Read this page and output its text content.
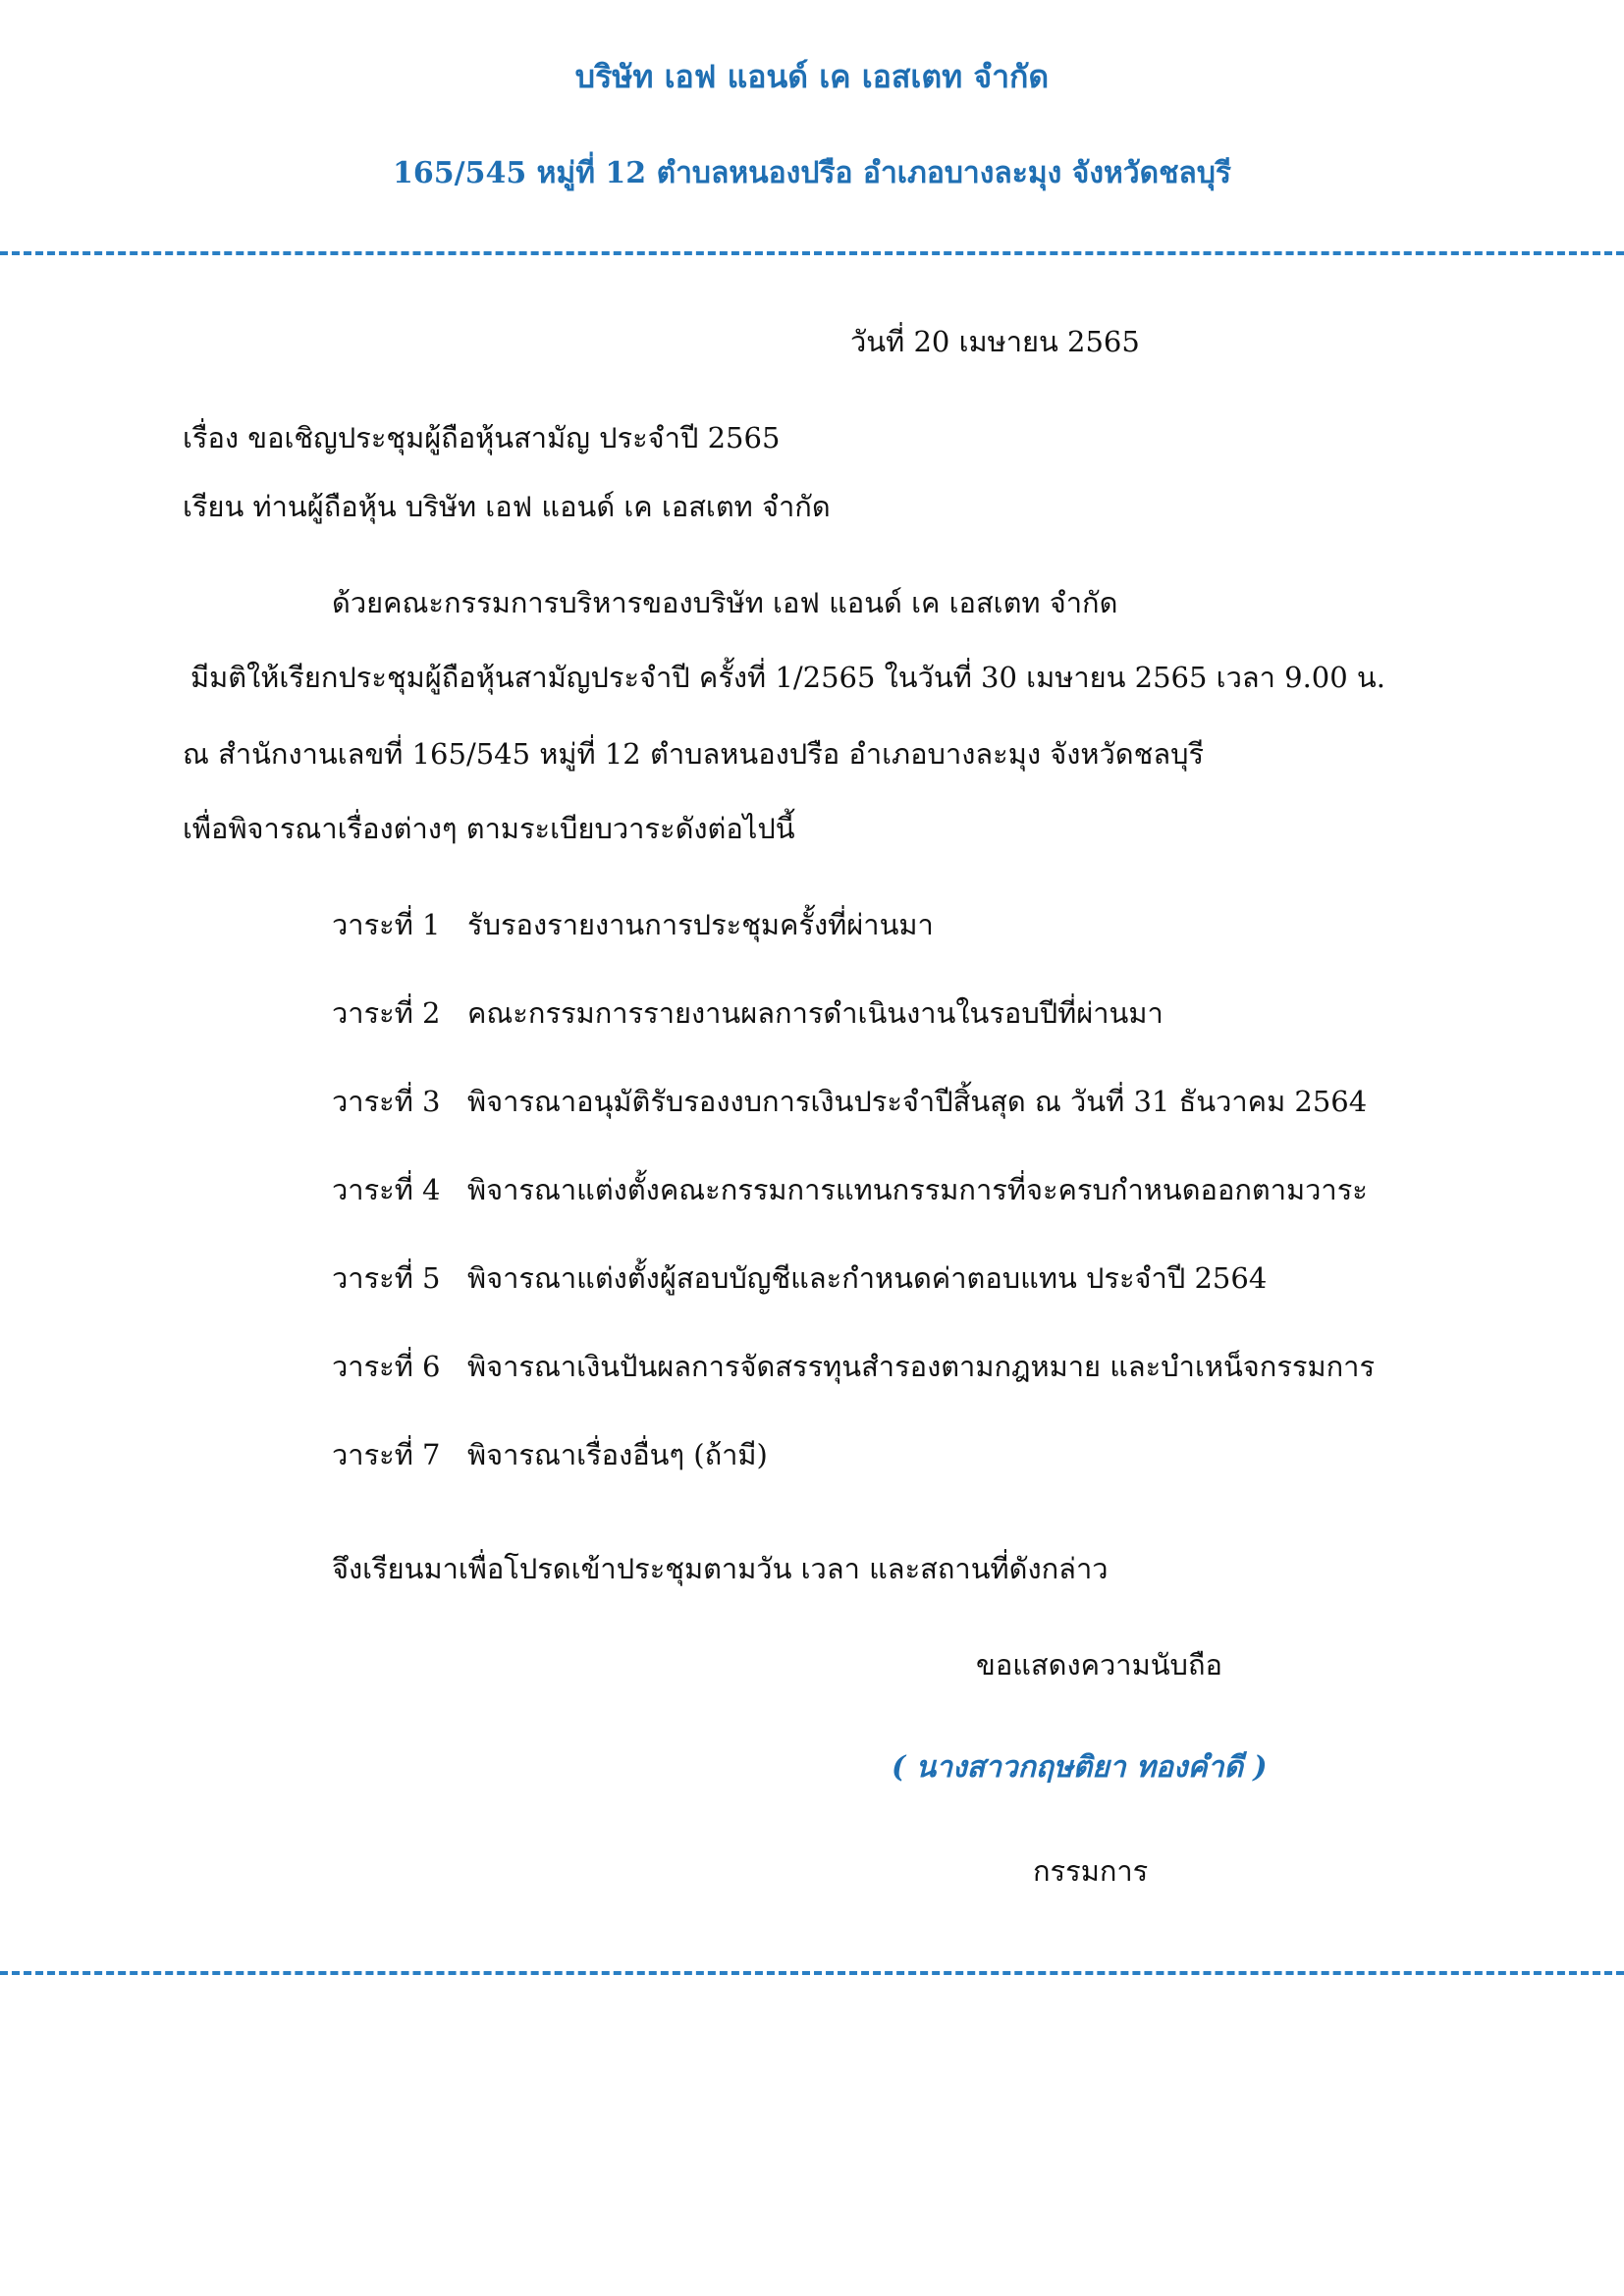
บริษัท เอฟ แอนด์ เค เอสเตท จำกัด
165/545 หมู่ที่ 12 ตำบลหนองปรือ อำเภอบางละมุง จังหวัดชลบุรี
วันที่ 20 เมษายน 2565
เรื่อง ขอเชิญประชุมผู้ถือหุ้นสามัญ ประจำปี 2565
เรียน ท่านผู้ถือหุ้น บริษัท เอฟ แอนด์ เค เอสเตท จำกัด
ด้วยคณะกรรมการบริหารของบริษัท เอฟ แอนด์ เค เอสเตท จำกัด
มีมติให้เรียกประชุมผู้ถือหุ้นสามัญประจำปี ครั้งที่ 1/2565 ในวันที่ 30 เมษายน 2565 เวลา 9.00 น.
ณ สำนักงานเลขที่ 165/545 หมู่ที่ 12 ตำบลหนองปรือ อำเภอบางละมุง จังหวัดชลบุรี
เพื่อพิจารณาเรื่องต่างๆ ตามระเบียบวาระดังต่อไปนี้
วาระที่ 1 รับรองรายงานการประชุมครั้งที่ผ่านมา
วาระที่ 2 คณะกรรมการรายงานผลการดำเนินงานในรอบปีที่ผ่านมา
วาระที่ 3 พิจารณาอนุมัติรับรองงบการเงินประจำปีสิ้นสุด ณ วันที่ 31 ธันวาคม 2564
วาระที่ 4 พิจารณาแต่งตั้งคณะกรรมการแทนกรรมการที่จะครบกำหนดออกตามวาระ
วาระที่ 5 พิจารณาแต่งตั้งผู้สอบบัญชีและกำหนดค่าตอบแทน ประจำปี 2564
วาระที่ 6 พิจารณาเงินปันผลการจัดสรรทุนสำรองตามกฎหมาย และบำเหน็จกรรมการ
วาระที่ 7 พิจารณาเรื่องอื่นๆ (ถ้ามี)
จึงเรียนมาเพื่อโปรดเข้าประชุมตามวัน เวลา และสถานที่ดังกล่าว
ขอแสดงความนับถือ
( นางสาวกฤษติยา ทองคำดี )
กรรมการ
